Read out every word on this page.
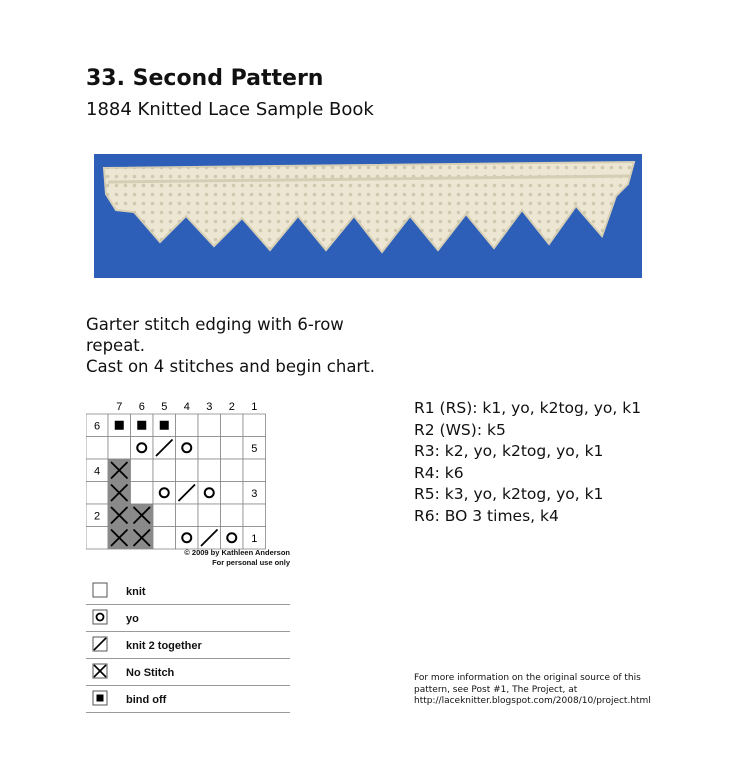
33. Second Pattern
1884 Knitted Lace Sample Book
Garter stitch edging with 6-row
repeat.
Cast on 4 stitches and begin chart.
7 6 5 4 3 2 1
6
5
4
3
2
1
© 2009 by Kathleen Anderson
For personal use only
knit
yo
knit 2 together
No Stitch
bind off
R1 (RS): k1, yo, k2tog, yo, k1
R2 (WS): k5
R3: k2, yo, k2tog, yo, k1
R4: k6
R5: k3, yo, k2tog, yo, k1
R6: BO 3 times, k4
For more information on the original source of this
pattern, see Post #1, The Project, at
http://laceknitter.blogspot.com/2008/10/project.html
